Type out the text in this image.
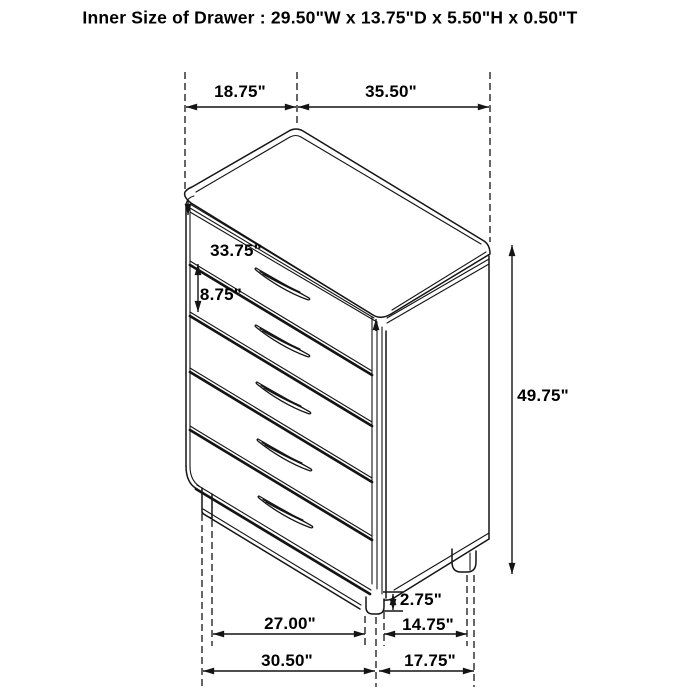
Inner Size of Drawer : 29.50"W x 13.75"D x 5.50"H x 0.50"T
18.75"	35.50"
33.75"
8.75"
49.75"
2.75"
27.00"	14.75"
30.50"	17.75"
